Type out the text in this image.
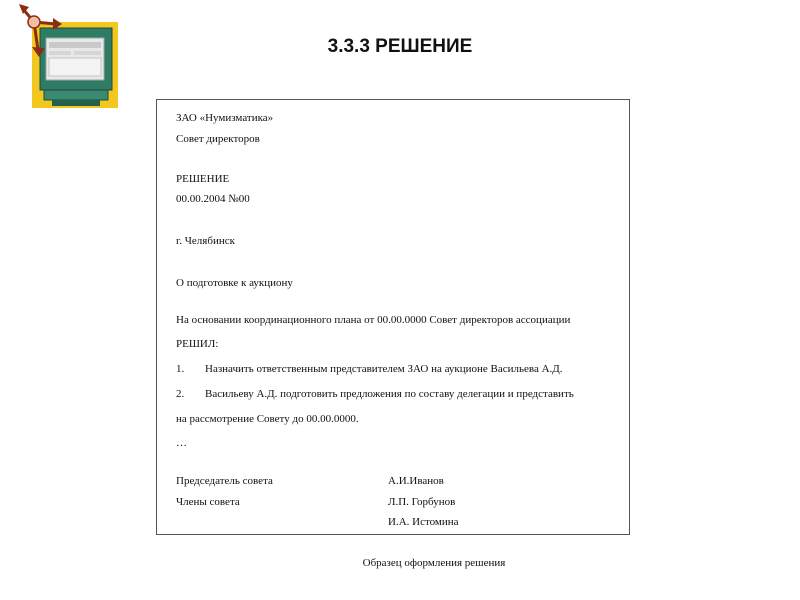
3.3.3 РЕШЕНИЕ
ЗАО «Нумизматика»
Совет директоров
РЕШЕНИЕ
00.00.2004 №00
г. Челябинск
О подготовке к аукциону
На основании координационного плана от 00.00.0000 Совет директоров ассоциации
РЕШИЛ:
1. Назначить ответственным представителем ЗАО на аукционе Васильева А.Д.
2. Васильеву А.Д. подготовить предложения по составу делегации и представить
на рассмотрение Совету до 00.00.0000.
…
Председатель совета	А.И.Иванов
Члены совета	Л.П. Горбунов
И.А. Истомина
Образец оформления решения
